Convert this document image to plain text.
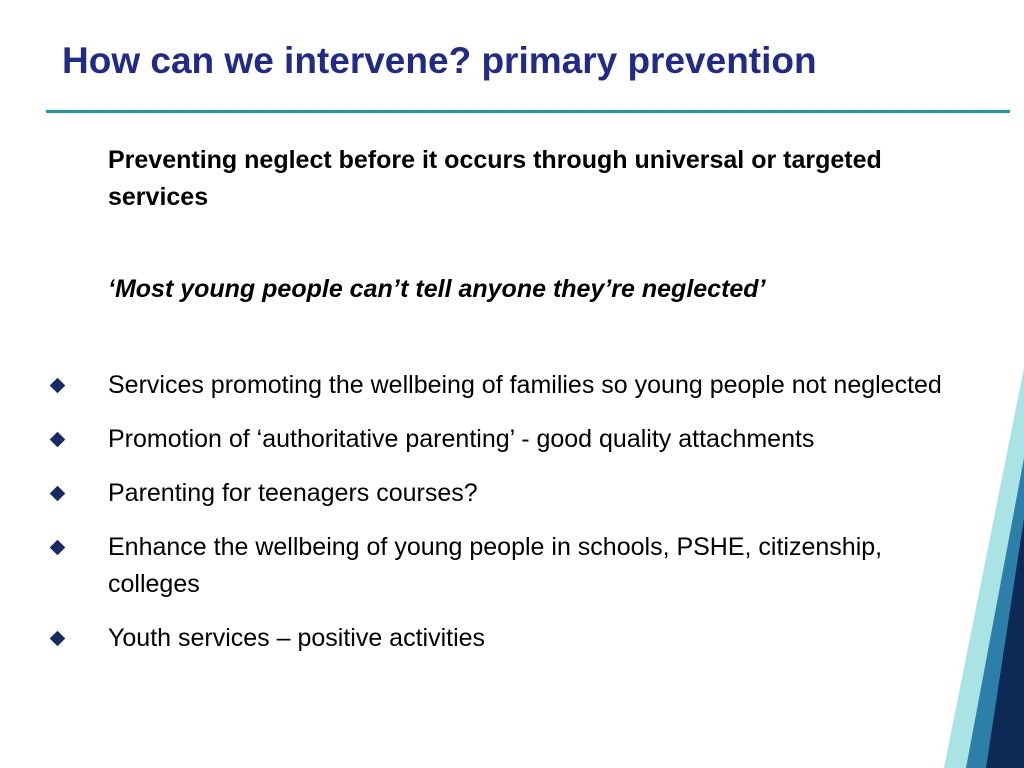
How can we intervene? primary prevention

Preventing neglect before it occurs through universal or targeted services

‘Most young people can’t tell anyone they’re neglected’

Services promoting the wellbeing of families so young people not neglected
Promotion of ‘authoritative parenting’ - good quality attachments
Parenting for teenagers courses?
Enhance the wellbeing of young people in schools, PSHE, citizenship, colleges
Youth services – positive activities
